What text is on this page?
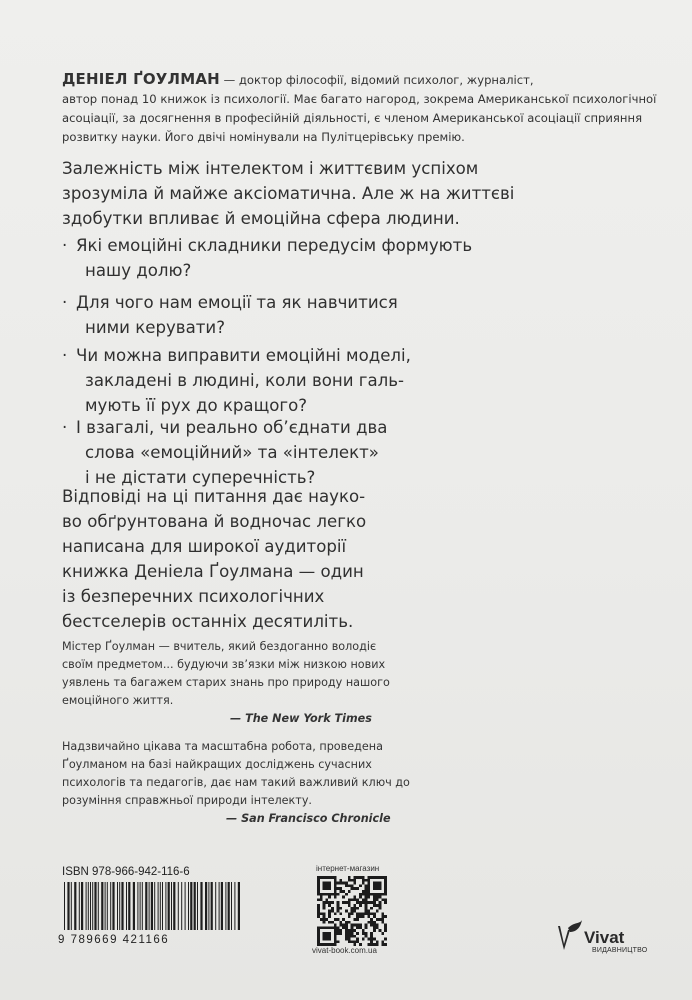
ДЕНІЕЛ ҐОУЛМАН — доктор філософії, відомий психолог, журналіст,
автор понад 10 книжок із психології. Має багато нагород, зокрема Американської психологічної
асоціації, за досягнення в професійній діяльності, є членом Американської асоціації сприяння
розвитку науки. Його двічі номінували на Пулітцерівську премію.
Залежність між інтелектом і життєвим успіхом
зрозуміла й майже аксіоматична. Але ж на життєві
здобутки впливає й емоційна сфера людини.
· Які емоційні складники передусім формують
нашу долю?
· Для чого нам емоції та як навчитися
ними керувати?
· Чи можна виправити емоційні моделі,
закладені в людині, коли вони галь-
мують її рух до кращого?
· І взагалі, чи реально об’єднати два
слова «емоційний» та «інтелект»
і не дістати суперечність?
Відповіді на ці питання дає науко-
во обґрунтована й водночас легко
написана для широкої аудиторії
книжка Деніела Ґоулмана — один
із безперечних психологічних
бестселерів останніх десятиліть.
Містер Ґоулман — вчитель, який бездоганно володіє
своїм предметом... будуючи зв’язки між низкою нових
уявлень та багажем старих знань про природу нашого
емоційного життя.
— The New York Times
Надзвичайно цікава та масштабна робота, проведена
Ґоулманом на базі найкращих досліджень сучасних
психологів та педагогів, дає нам такий важливий ключ до
розуміння справжньої природи інтелекту.
— San Francisco Chronicle
ISBN 978-966-942-116-6
9 789669 421166
інтернет-магазин
vivat-book.com.ua
Vivat
ВИДАВНИЦТВО
